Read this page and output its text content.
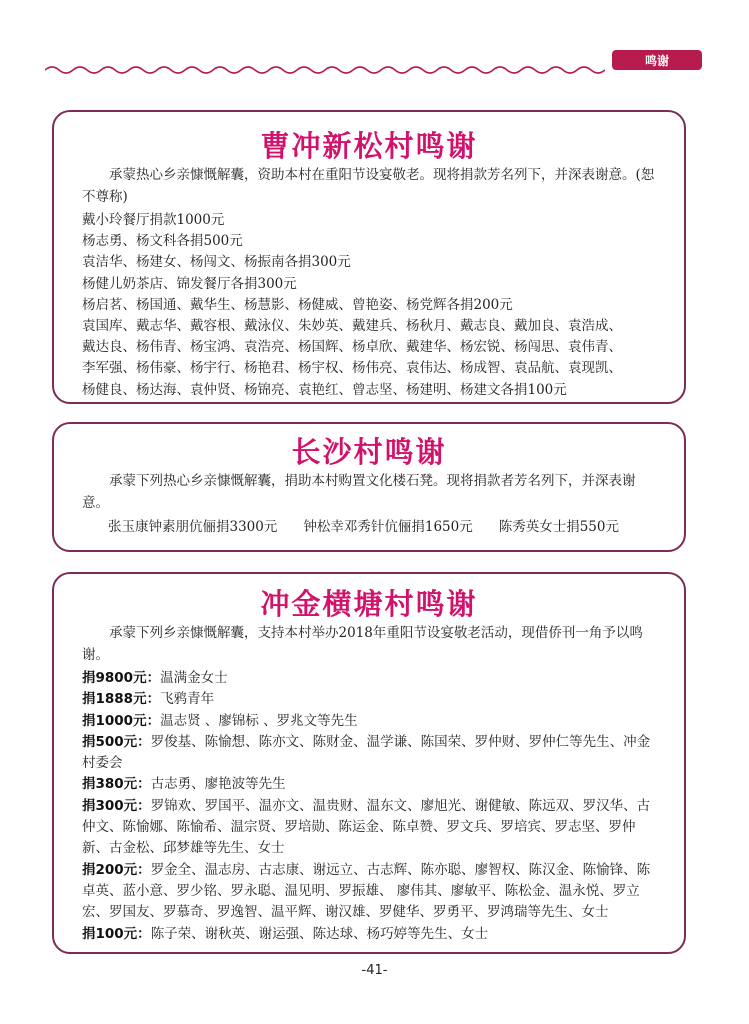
鸣谢
曹冲新松村鸣谢
承蒙热心乡亲慷慨解囊，资助本村在重阳节设宴敬老。现将捐款芳名列下，并深表谢意。(恕不尊称)
戴小玲餐厅捐款1000元
杨志勇、杨文科各捐500元
袁洁华、杨建女、杨闯文、杨振南各捐300元
杨健儿奶茶店、锦发餐厅各捐300元
杨启茗、杨国通、戴华生、杨慧影、杨健威、曾艳姿、杨党辉各捐200元
袁国库、戴志华、戴容根、戴泳仪、朱妙英、戴建兵、杨秋月、戴志良、戴加良、袁浩成、
戴达良、杨伟青、杨宝鸿、袁浩亮、杨国辉、杨卓欣、戴建华、杨宏锐、杨闯思、袁伟青、
李军强、杨伟豪、杨宇行、杨艳君、杨宇权、杨伟亮、袁伟达、杨成智、袁品航、袁现凯、
杨健良、杨达海、袁仲贤、杨锦亮、袁艳红、曾志坚、杨建明、杨建文各捐100元
长沙村鸣谢
承蒙下列热心乡亲慷慨解囊，捐助本村购置文化楼石凳。现将捐款者芳名列下，并深表谢意。
张玉康钟素朋伉俪捐3300元 钟松幸邓秀针伉俪捐1650元 陈秀英女士捐550元
冲金横塘村鸣谢
承蒙下列乡亲慷慨解囊，支持本村举办2018年重阳节设宴敬老活动，现借侨刊一角予以鸣谢。
捐9800元：温满金女士
捐1888元：飞鸦青年
捐1000元：温志贤 、廖锦标 、罗兆文等先生
捐500元：罗俊基、陈愉想、陈亦文、陈财金、温学谦、陈国荣、罗仲财、罗仲仁等先生、冲金村委会
捐380元：古志勇、廖艳波等先生
捐300元：罗锦欢、罗国平、温亦文、温贵财、温东文、廖旭光、谢健敏、陈远双、罗汉华、古仲文、陈愉娜、陈愉希、温宗贤、罗培勋、陈运金、陈卓赞、罗文兵、罗培宾、罗志坚、罗仲新、古金松、邱梦雄等先生、女士
捐200元：罗金全、温志房、古志康、谢远立、古志辉、陈亦聪、廖智权、陈汉金、陈愉锋、陈卓英、蓝小意、罗少铭、罗永聪、温见明、罗振雄、 廖伟其、廖敏平、陈松金、温永悦、罗立宏、罗国友、罗慕奇、罗逸智、温平辉、谢汉雄、罗健华、罗勇平、罗鸿瑞等先生、女士
捐100元：陈子荣、谢秋英、谢运强、陈达球、杨巧婷等先生、女士
-41-
